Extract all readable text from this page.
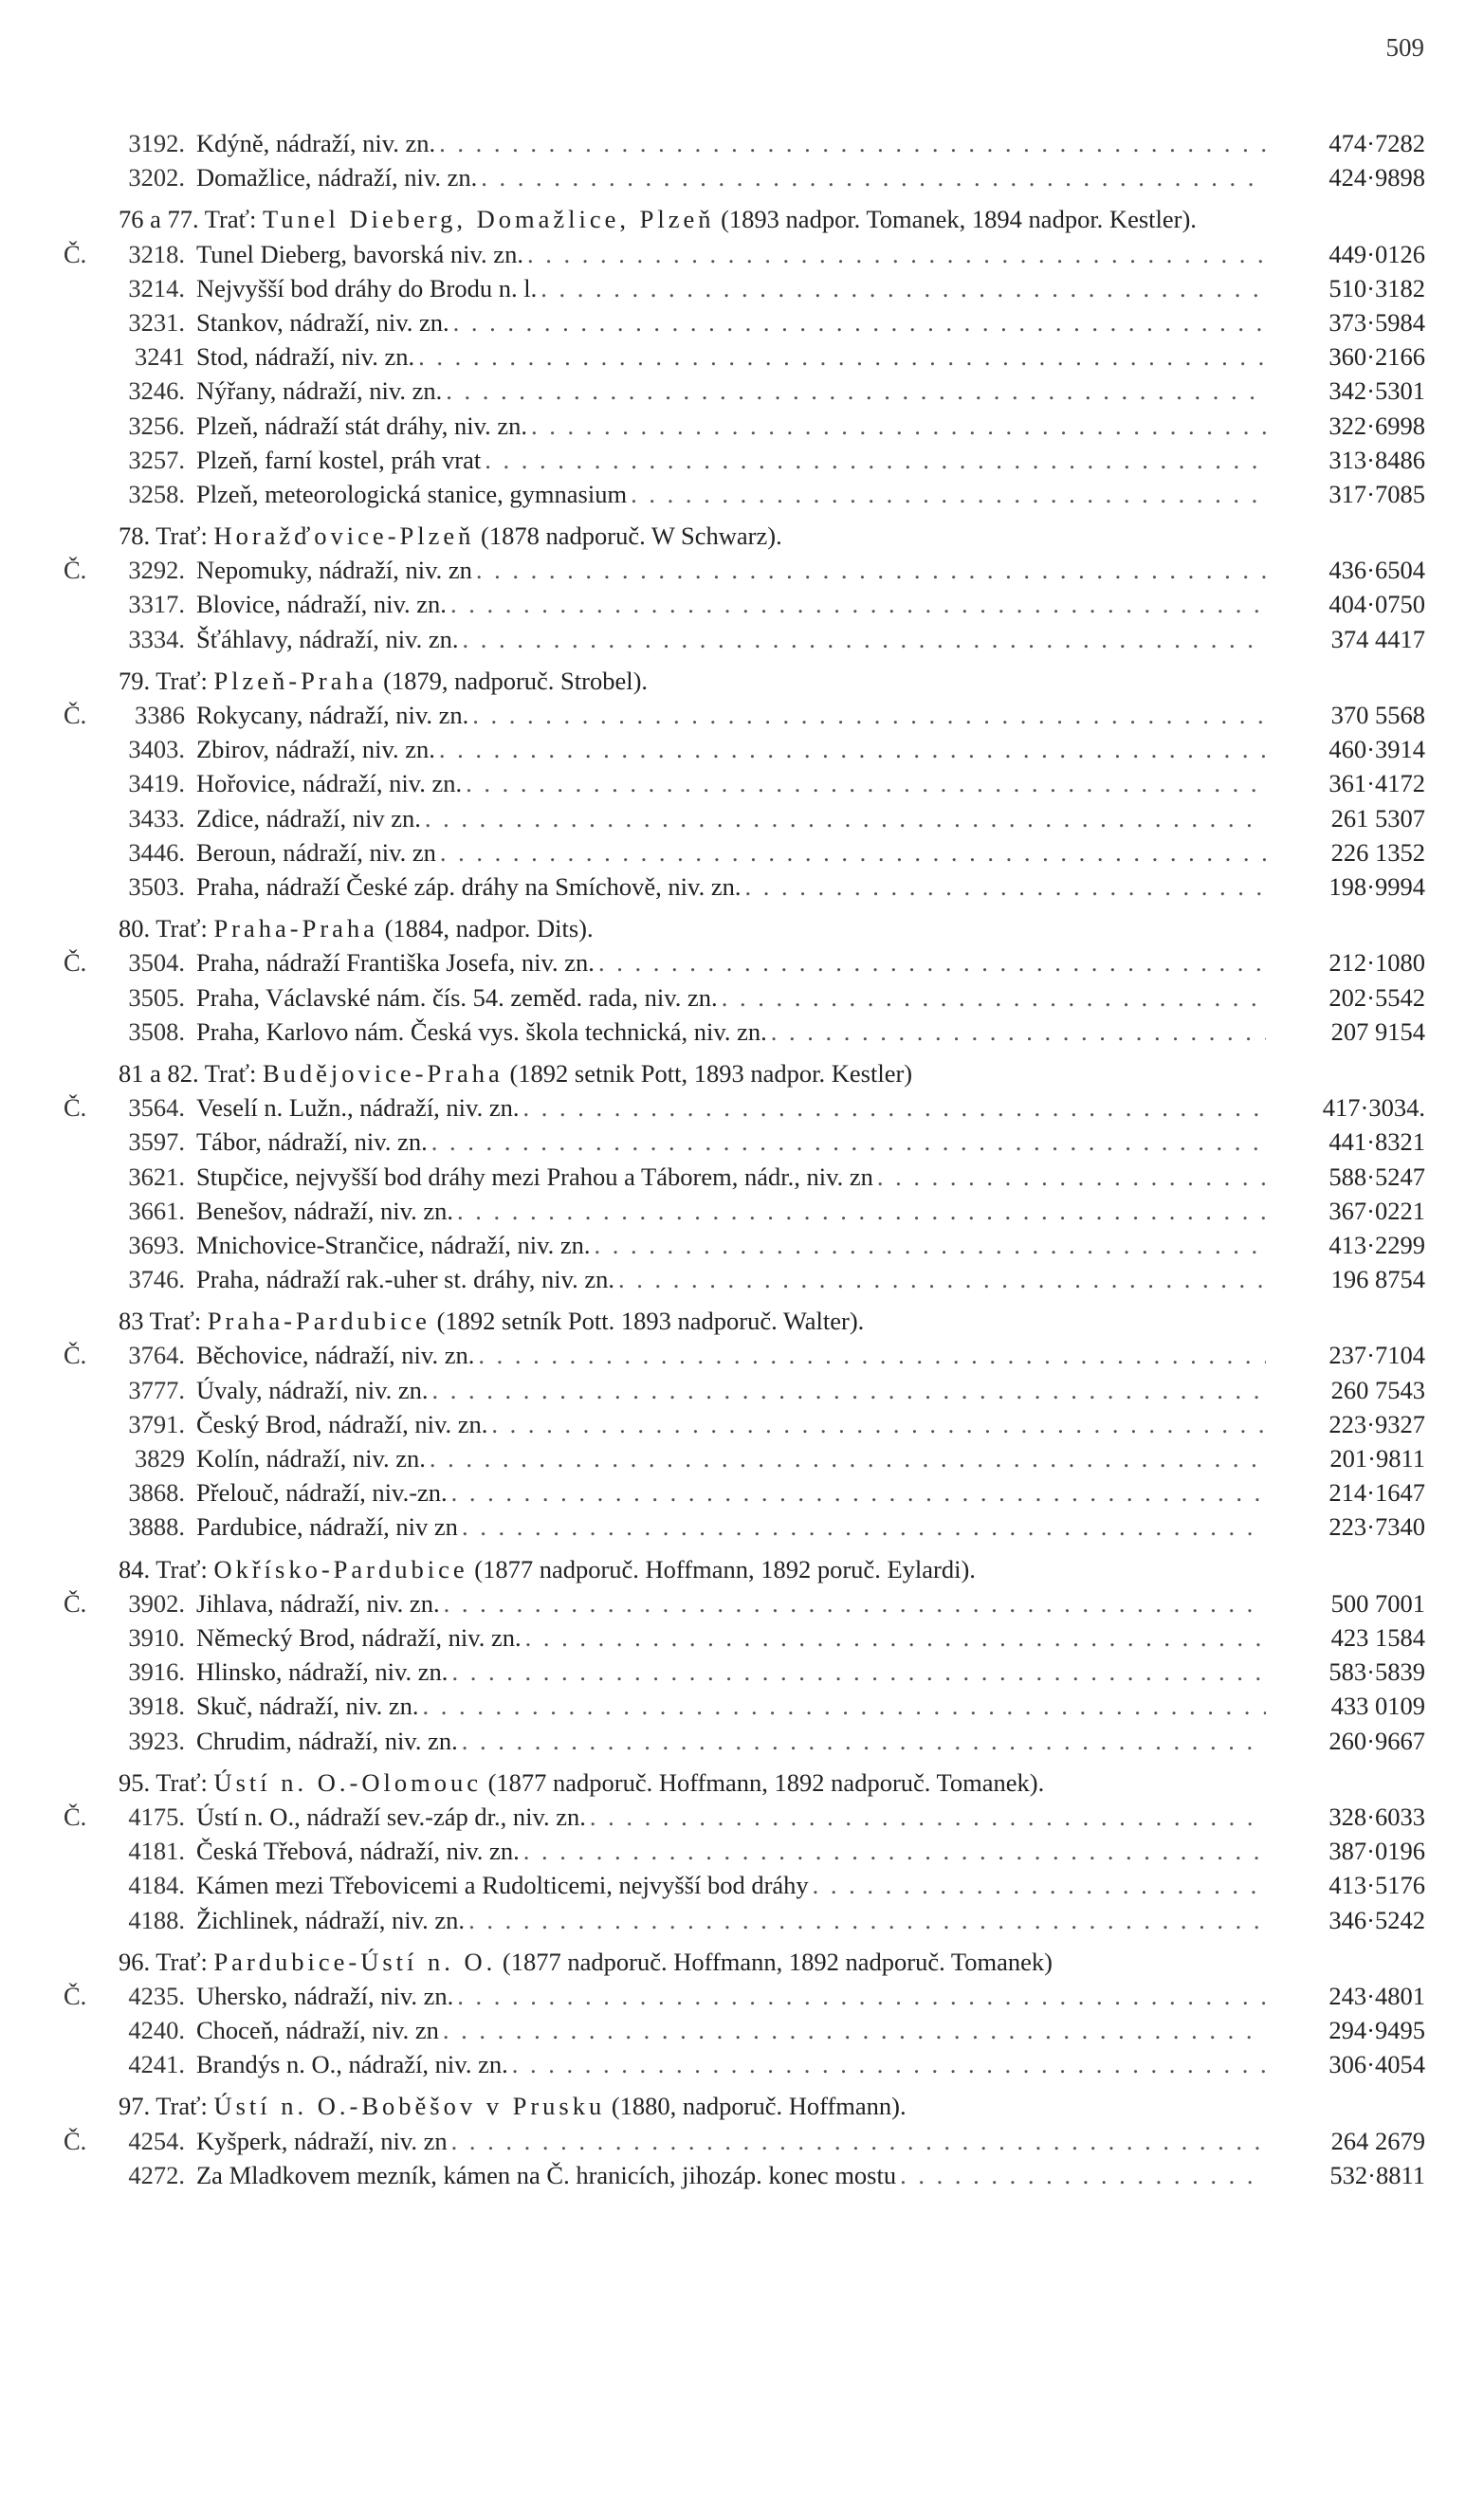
509
3192. Kdýně, nádraží, niv. zn. . . .	474·7282
3202. Domažlice, nádraží, niv. zn. . . .	424·9898
76 a 77. Trať: Tunel Dieberg, Domažlice, Plzeň (1893 nadpor. Tomanek, 1894 nadpor. Kestler).
Č. 3218. Tunel Dieberg, bavorská niv. zn. . . .	449·0126
3214. Nejvyšší bod dráhy do Brodu n. l. . . .	510·3182
3231. Stankov, nádraží, niv. zn. . . .	373·5984
3241 Stod, nádraží, niv. zn. . . .	360·2166
3246. Nýřany, nádraží, niv. zn. . . .	342·5301
3256. Plzeň, nádraží stát dráhy, niv. zn. . . .	322·6998
3257. Plzeň, farní kostel, práh vrat . . .	313·8486
3258. Plzeň, meteorologická stanice, gymnasium . . .	317·7085
78. Trať: Horažďovice-Plzeň (1878 nadporuč. W Schwarz).
Č. 3292. Nepomuky, nádraží, niv. zn . . .	436·6504
3317. Blovice, nádraží, niv. zn. . . .	404·0750
3334. Šťáhlavy, nádraží, niv. zn. . . .	374 4417
79. Trať: Plzeň-Praha (1879, nadporuč. Strobel).
Č. 3386 Rokycany, nádraží, niv. zn. . . .	370 5568
3403. Zbirov, nádraží, niv. zn. . . .	460·3914
3419. Hořovice, nádraží, niv. zn. . . .	361·4172
3433. Zdice, nádraží, niv zn. . . .	261 5307
3446. Beroun, nádraží, niv. zn . . .	226 1352
3503. Praha, nádraží České záp. dráhy na Smíchově, niv. zn. . . .	198·9994
80. Trať: Praha-Praha (1884, nadpor. Dits).
Č. 3504. Praha, nádraží Františka Josefa, niv. zn. . . .	212·1080
3505. Praha, Václavské nám. čís. 54. zeměd. rada, niv. zn. . . .	202·5542
3508. Praha, Karlovo nám. Česká vys. škola technická, niv. zn. . . .	207 9154
81 a 82. Trať: Budějovice-Praha (1892 setnik Pott, 1893 nadpor. Kestler)
Č. 3564. Veselí n. Lužn., nádraží, niv. zn. . . .	417·3034.
3597. Tábor, nádraží, niv. zn. . . .	441·8321
3621. Stupčice, nejvyšší bod dráhy mezi Prahou a Táborem, nádr., niv. zn . . .	588·5247
3661. Benešov, nádraží, niv. zn. . . .	367·0221
3693. Mnichovice-Strančice, nádraží, niv. zn. . . .	413·2299
3746. Praha, nádraží rak.-uher st. dráhy, niv. zn. . . .	196 8754
83 Trať: Praha-Pardubice (1892 setník Pott. 1893 nadporuč. Walter).
Č. 3764. Běchovice, nádraží, niv. zn. . . .	237·7104
3777. Úvaly, nádraží, niv. zn. . . .	260 7543
3791. Český Brod, nádraží, niv. zn. . . .	223·9327
3829 Kolín, nádraží, niv. zn. . . .	201·9811
3868. Přelouč, nádraží, niv.-zn. . . .	214·1647
3888. Pardubice, nádraží, niv zn . . .	223·7340
84. Trať: Okřísko-Pardubice (1877 nadporuč. Hoffmann, 1892 poruč. Eylardi).
Č. 3902. Jihlava, nádraží, niv. zn. . . .	500 7001
3910. Německý Brod, nádraží, niv. zn. . . .	423 1584
3916. Hlinsko, nádraží, niv. zn. . . .	583·5839
3918. Skuč, nádraží, niv. zn. . . .	433 0109
3923. Chrudim, nádraží, niv. zn. . . .	260·9667
95. Trať: Ústí n. O.-Olomouc (1877 nadporuč. Hoffmann, 1892 nadporuč. Tomanek).
Č. 4175. Ústí n. O., nádraží sev.-záp dr., niv. zn. . . .	328·6033
4181. Česká Třebová, nádraží, niv. zn. . . .	387·0196
4184. Kámen mezi Třebovicemi a Rudolticemi, nejvyšší bod dráhy . . .	413·5176
4188. Žichlinek, nádraží, niv. zn. . . .	346·5242
96. Trať: Pardubice-Ústí n. O. (1877 nadporuč. Hoffmann, 1892 nadporuč. Tomanek)
Č. 4235. Uhersko, nádraží, niv. zn. . . .	243·4801
4240. Choceň, nádraží, niv. zn . . .	294·9495
4241. Brandýs n. O., nádraží, niv. zn. . . .	306·4054
97. Trať: Ústí n. O.-Boběšov v Prusku (1880, nadporuč. Hoffmann).
Č. 4254. Kyšperk, nádraží, niv. zn . . .	264 2679
4272. Za Mladkovem mezník, kámen na Č. hranicích, jihozáp. konec mostu . . .	532·8811
